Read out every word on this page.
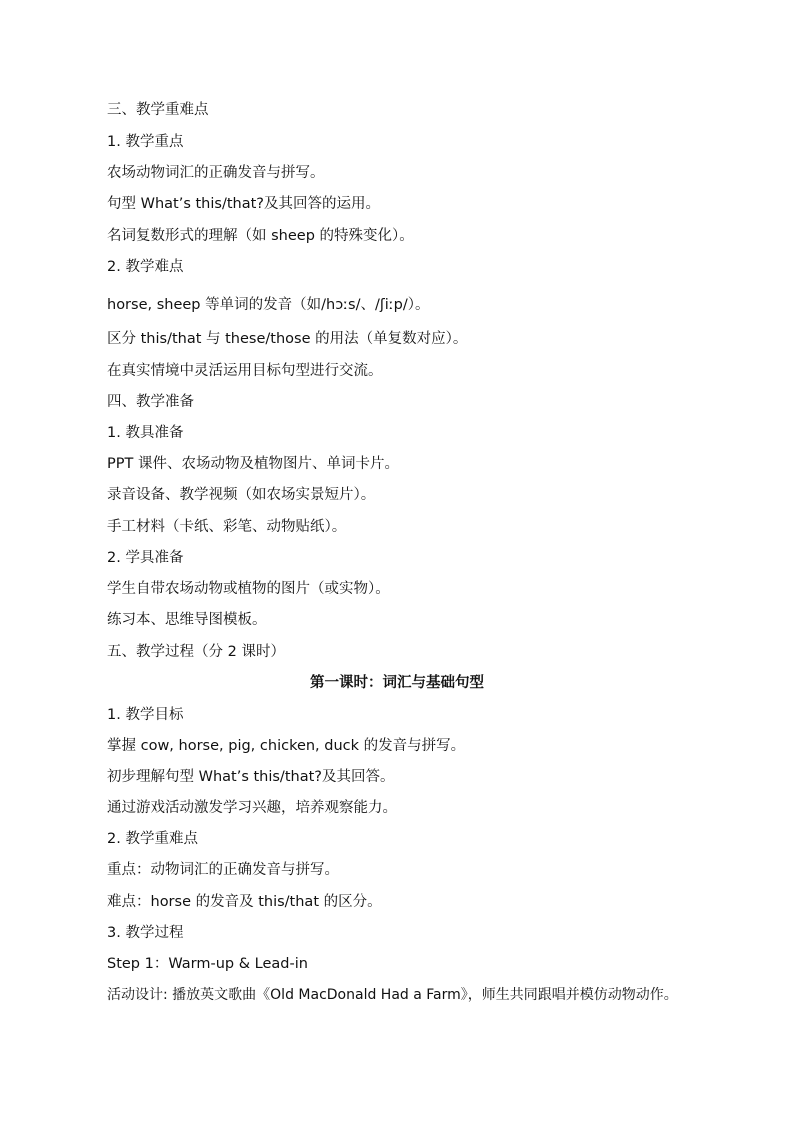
三、教学重难点
1. 教学重点
农场动物词汇的正确发音与拼写。
句型 What’s this/that?及其回答的运用。
名词复数形式的理解（如 sheep 的特殊变化）。
2. 教学难点
horse, sheep 等单词的发音（如/hɔːs/、/ʃiːp/）。
区分 this/that 与 these/those 的用法（单复数对应）。
在真实情境中灵活运用目标句型进行交流。
四、教学准备
1. 教具准备
PPT 课件、农场动物及植物图片、单词卡片。
录音设备、教学视频（如农场实景短片）。
手工材料（卡纸、彩笔、动物贴纸）。
2. 学具准备
学生自带农场动物或植物的图片（或实物）。
练习本、思维导图模板。
五、教学过程（分 2 课时）
第一课时：词汇与基础句型
1. 教学目标
掌握 cow, horse, pig, chicken, duck 的发音与拼写。
初步理解句型 What’s this/that?及其回答。
通过游戏活动激发学习兴趣，培养观察能力。
2. 教学重难点
重点：动物词汇的正确发音与拼写。
难点：horse 的发音及 this/that 的区分。
3. 教学过程
Step 1：Warm-up & Lead-in
活动设计: 播放英文歌曲《Old MacDonald Had a Farm》，师生共同跟唱并模仿动物动作。
